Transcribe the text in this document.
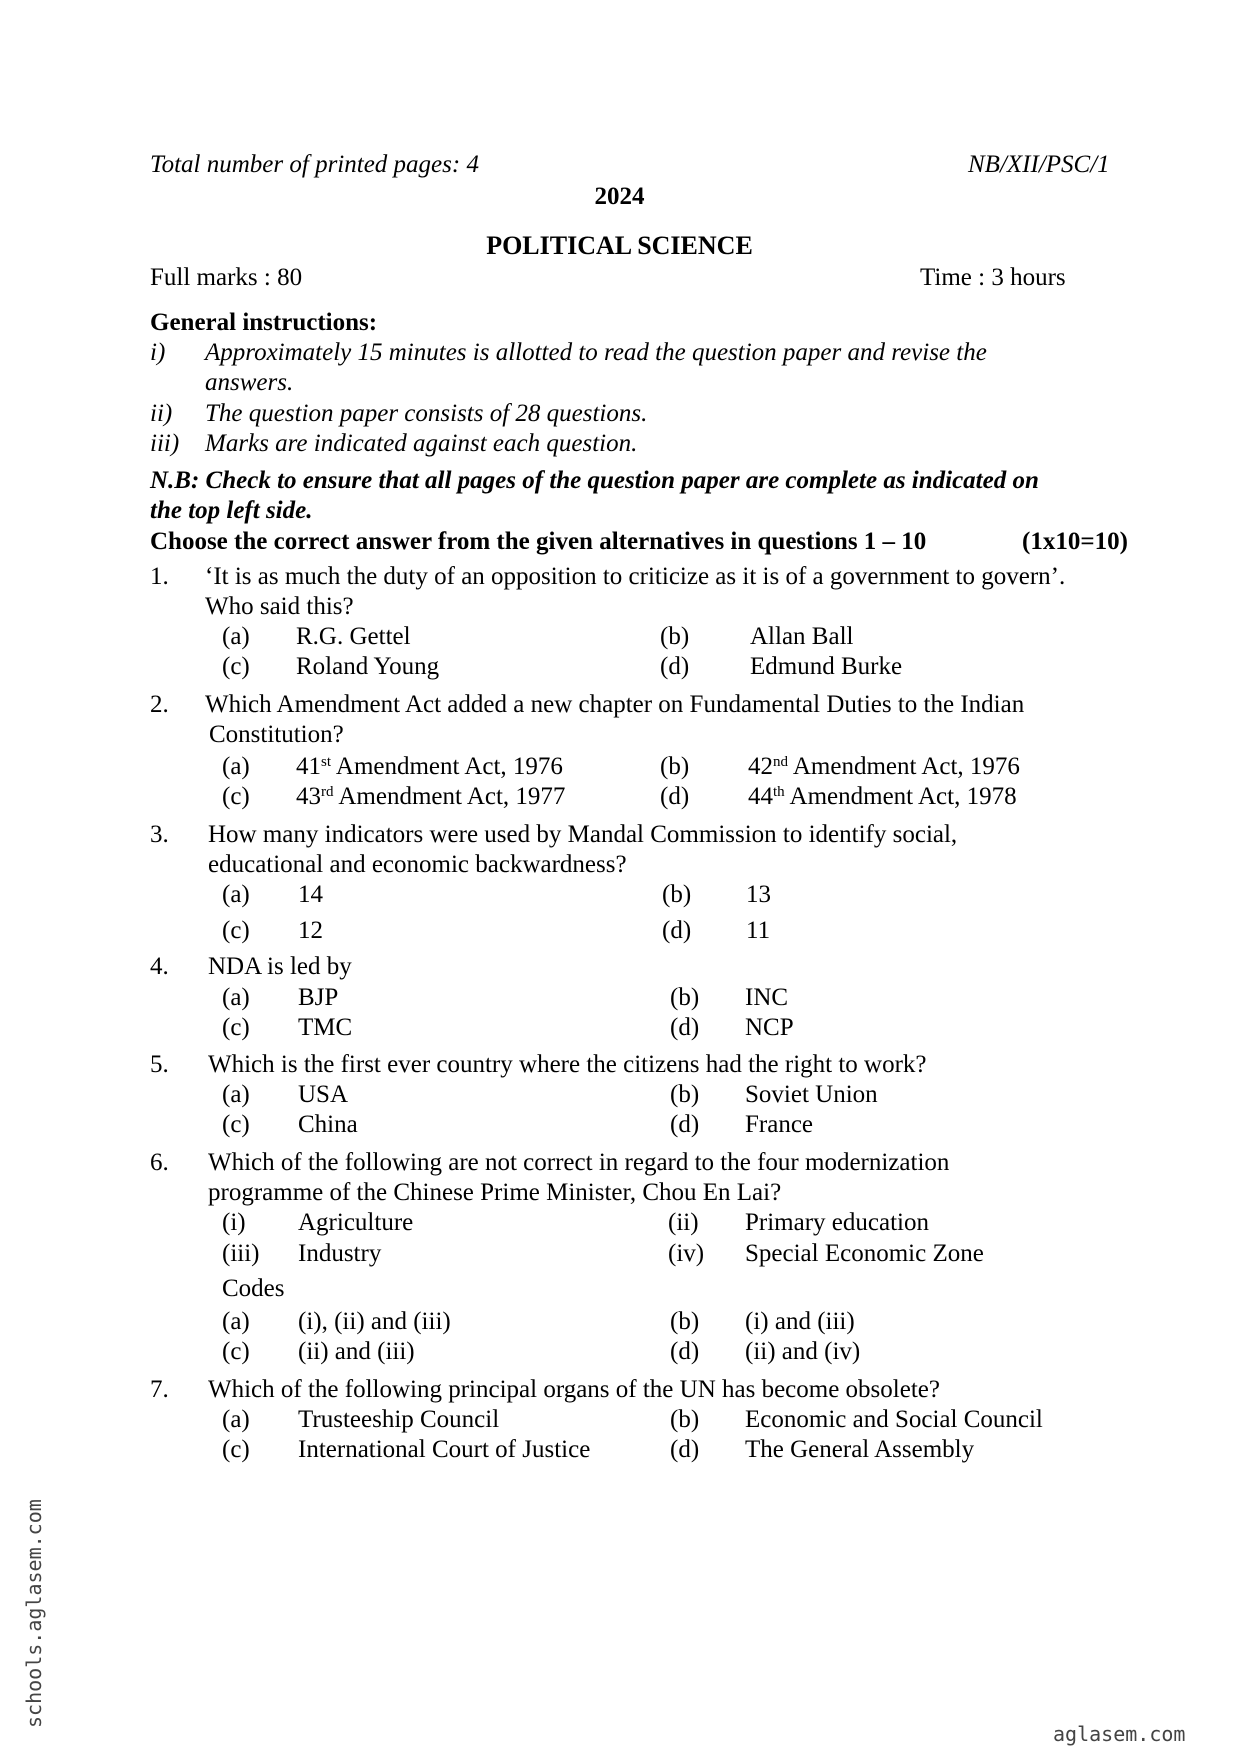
Total number of printed pages: 4	NB/XII/PSC/1
2024
POLITICAL SCIENCE
Full marks : 80	Time : 3 hours
General instructions:
i) Approximately 15 minutes is allotted to read the question paper and revise the
answers.
ii) The question paper consists of 28 questions.
iii) Marks are indicated against each question.
N.B: Check to ensure that all pages of the question paper are complete as indicated on
the top left side.
Choose the correct answer from the given alternatives in questions 1 – 10	(1x10=10)
1. ‘It is as much the duty of an opposition to criticize as it is of a government to govern’.
Who said this?
(a) R.G. Gettel	(b) Allan Ball
(c) Roland Young	(d) Edmund Burke
2. Which Amendment Act added a new chapter on Fundamental Duties to the Indian
Constitution?
(a) 41st Amendment Act, 1976	(b) 42nd Amendment Act, 1976
(c) 43rd Amendment Act, 1977	(d) 44th Amendment Act, 1978
3. How many indicators were used by Mandal Commission to identify social,
educational and economic backwardness?
(a) 14	(b) 13
(c) 12	(d) 11
4. NDA is led by
(a) BJP	(b) INC
(c) TMC	(d) NCP
5. Which is the first ever country where the citizens had the right to work?
(a) USA	(b) Soviet Union
(c) China	(d) France
6. Which of the following are not correct in regard to the four modernization
programme of the Chinese Prime Minister, Chou En Lai?
(i) Agriculture	(ii) Primary education
(iii) Industry	(iv) Special Economic Zone
Codes
(a) (i), (ii) and (iii)	(b) (i) and (iii)
(c) (ii) and (iii)	(d) (ii) and (iv)
7. Which of the following principal organs of the UN has become obsolete?
(a) Trusteeship Council	(b) Economic and Social Council
(c) International Court of Justice	(d) The General Assembly
schools.aglasem.com
aglasem.com
